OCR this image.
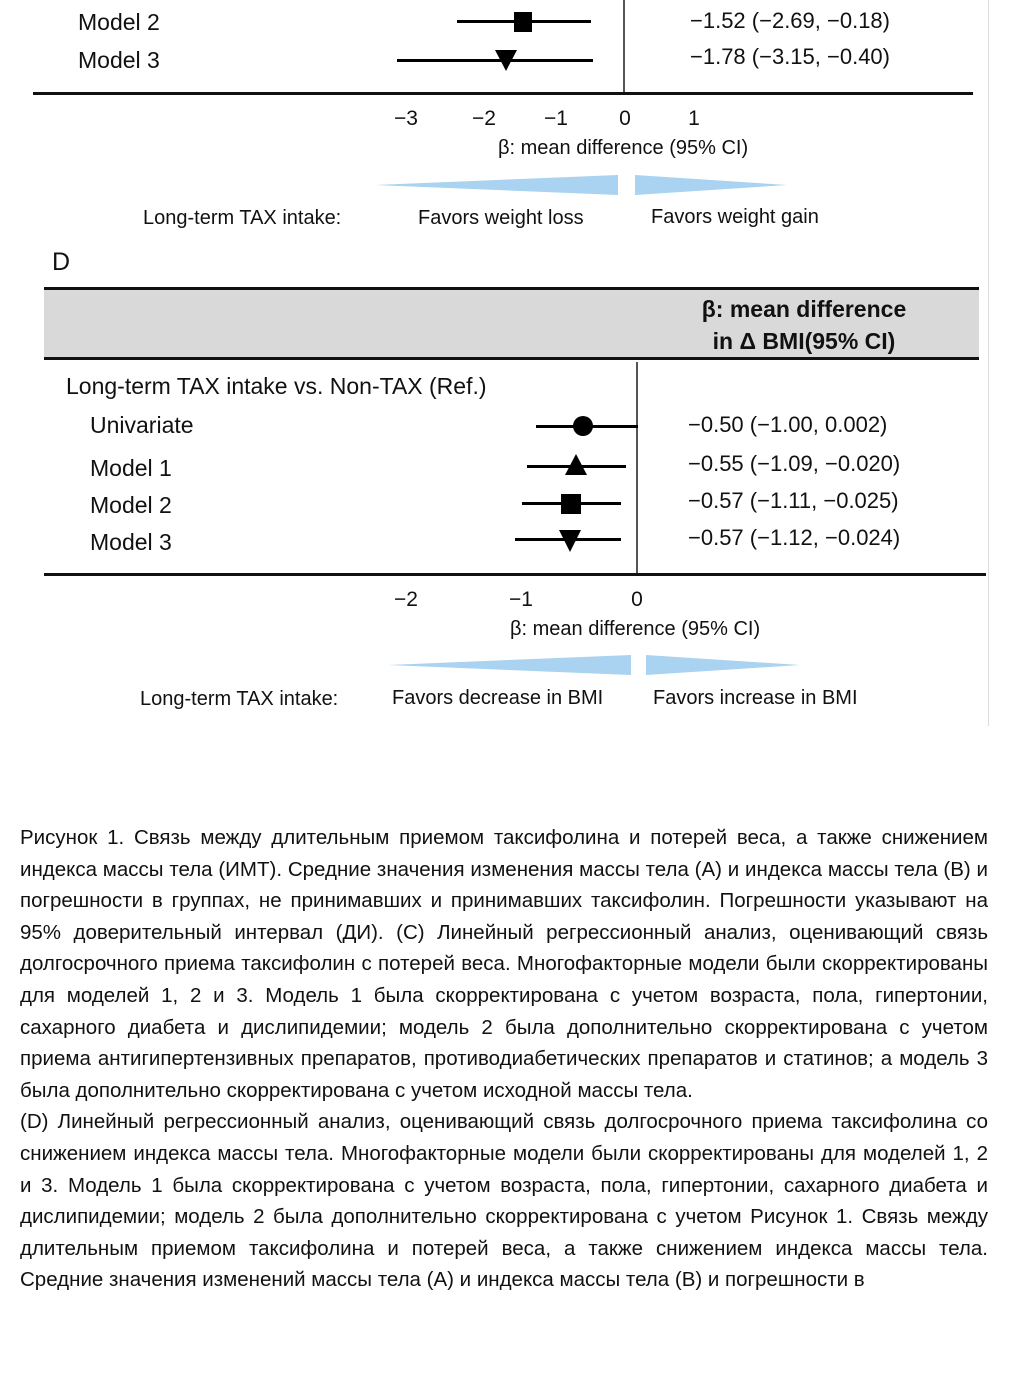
Model 2	−1.52 (−2.69, −0.18)
Model 3	−1.78 (−3.15, −0.40)
−3	−2 −1 0	1
β: mean difference (95% CI)
Long-term TAX intake:	Favors weight loss	Favors weight gain
D
β: mean difference
in Δ BMI(95% CI)
Long-term TAX intake vs. Non-TAX (Ref.)
Univariate	−0.50 (−1.00, 0.002)
Model 1	−0.55 (−1.09, −0.020)
Model 2	−0.57 (−1.11, −0.025)
Model 3	−0.57 (−1.12, −0.024)
−2	−1	0
β: mean difference (95% CI)
Long-term TAX intake:	Favors decrease in BMI Favors increase in BMI

Рисунок 1. Связь между длительным приемом таксифолина и потерей веса, а также снижением индекса массы тела (ИМТ). Средние значения изменения массы тела (А) и индекса массы тела (В) и погрешности в группах, не принимавших и принимавших таксифолин. Погрешности указывают на 95% доверительный интервал (ДИ). (С) Линейный регрессионный анализ, оценивающий связь долгосрочного приема таксифолин с потерей веса. Многофакторные модели были скорректированы для моделей 1, 2 и 3. Модель 1 была скорректирована с учетом возраста, пола, гипертонии, сахарного диабета и дислипидемии; модель 2 была дополнительно скорректирована с учетом приема антигипертензивных препаратов, противодиабетических препаратов и статинов; а модель 3 была дополнительно скорректирована с учетом исходной массы тела.

(D) Линейный регрессионный анализ, оценивающий связь долгосрочного приема таксифолина со снижением индекса массы тела. Многофакторные модели были скорректированы для моделей 1, 2 и 3. Модель 1 была скорректирована с учетом возраста, пола, гипертонии, сахарного диабета и дислипидемии; модель 2 была дополнительно скорректирована с учетом Рисунок 1. Связь между длительным приемом таксифолина и потерей веса, а также снижением индекса массы тела. Средние значения изменений массы тела (А) и индекса массы тела (В) и погрешности в
